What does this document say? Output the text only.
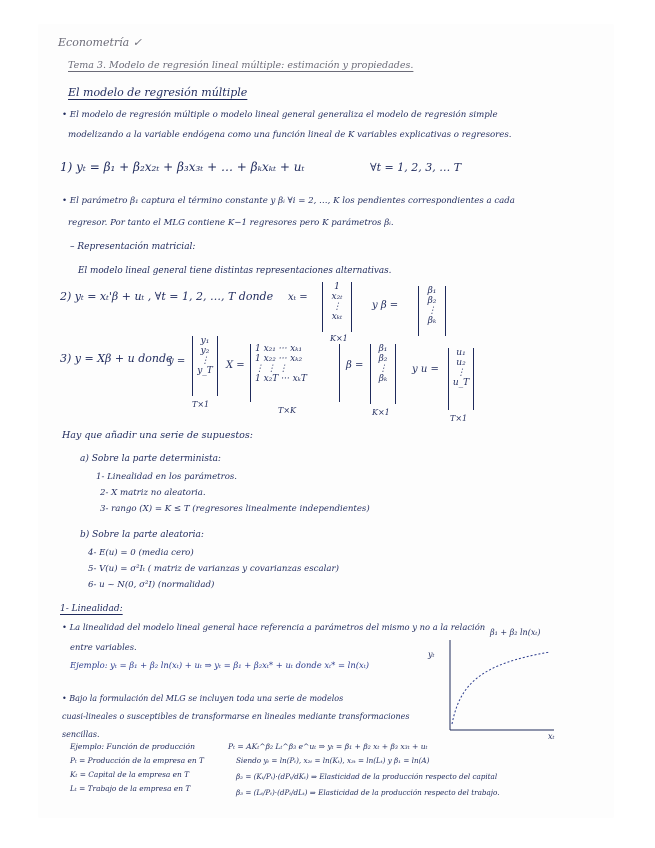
Econometría ✓
Tema 3. Modelo de regresión lineal múltiple: estimación y propiedades.
El modelo de regresión múltiple
• El modelo de regresión múltiple o modelo lineal general generaliza el modelo de regresión simple
modelizando a la variable endógena como una función lineal de K variables explicativas o regresores.
1) yₜ = β₁ + β₂x₂ₜ + β₃x₃ₜ + … + βₖxₖₜ + uₜ	∀t = 1, 2, 3, … T
• El parámetro β₁ captura el término constante y βᵢ ∀i = 2, …, K los pendientes correspondientes a cada
regresor. Por tanto el MLG contiene K−1 regresores pero K parámetros βᵢ.
– Representación matricial:
El modelo lineal general tiene distintas representaciones alternativas.
2) yₜ = xₜ'β + uₜ , ∀t = 1, 2, …, T donde xₜ =
1
x₂ₜ
⋮
xₖₜ
K×1
y β =
β₁
β₂
⋮
βₖ
3) y = Xβ + u donde
y =
y₁
y₂
⋮
y_T
T×1
X =
1 x₂₁ ··· xₖ₁
1 x₂₂ ··· xₖ₂
⋮ ⋮ ⋮
1 x₂T ··· xₖT
T×K
β =
β₁
β₂
⋮
βₖ
K×1
y u =
u₁
u₂
⋮
u_T
T×1
Hay que añadir una serie de supuestos:
a) Sobre la parte determinista:
1- Linealidad en los parámetros.
2- X matriz no aleatoria.
3- rango (X) = K ≤ T (regresores linealmente independientes)
b) Sobre la parte aleatoria:
4- E(u) = 0 (media cero)
5- V(u) = σ²Iₜ ( matriz de varianzas y covarianzas escalar)
6- u ~ N(0, σ²I) (normalidad)
1- Linealidad:
• La linealidad del modelo lineal general hace referencia a parámetros del mismo y no a la relación
entre variables.
Ejemplo: yₜ = β₁ + β₂ ln(xₜ) + uₜ ⇒ yₜ = β₁ + β₂xₜ* + uₜ donde xₜ* = ln(xₜ)
• Bajo la formulación del MLG se incluyen toda una serie de modelos
cuasi-lineales o susceptibles de transformarse en lineales mediante transformaciones
sencillas.
β₁ + β₂ ln(xₜ)
yₜ
xₜ
Ejemplo: Función de producción
Pₜ = Producción de la empresa en T
Kₜ = Capital de la empresa en T
Lₜ = Trabajo de la empresa en T
Pₜ = AKₜ^β₂ Lₜ^β₃ e^uₜ ⇒ yₜ = β₁ + β₂ xₜ + β₃ x₃ₜ + uₜ
Siendo yₜ = ln(Pₜ), x₂ₜ = ln(Kₜ), x₃ₜ = ln(Lₜ) y β₁ = ln(A)
β₂ = (Kₜ/Pₜ)·(dPₜ/dKₜ) ⇒ Elasticidad de la producción respecto del capital
β₃ = (Lₜ/Pₜ)·(dPₜ/dLₜ) ⇒ Elasticidad de la producción respecto del trabajo.
